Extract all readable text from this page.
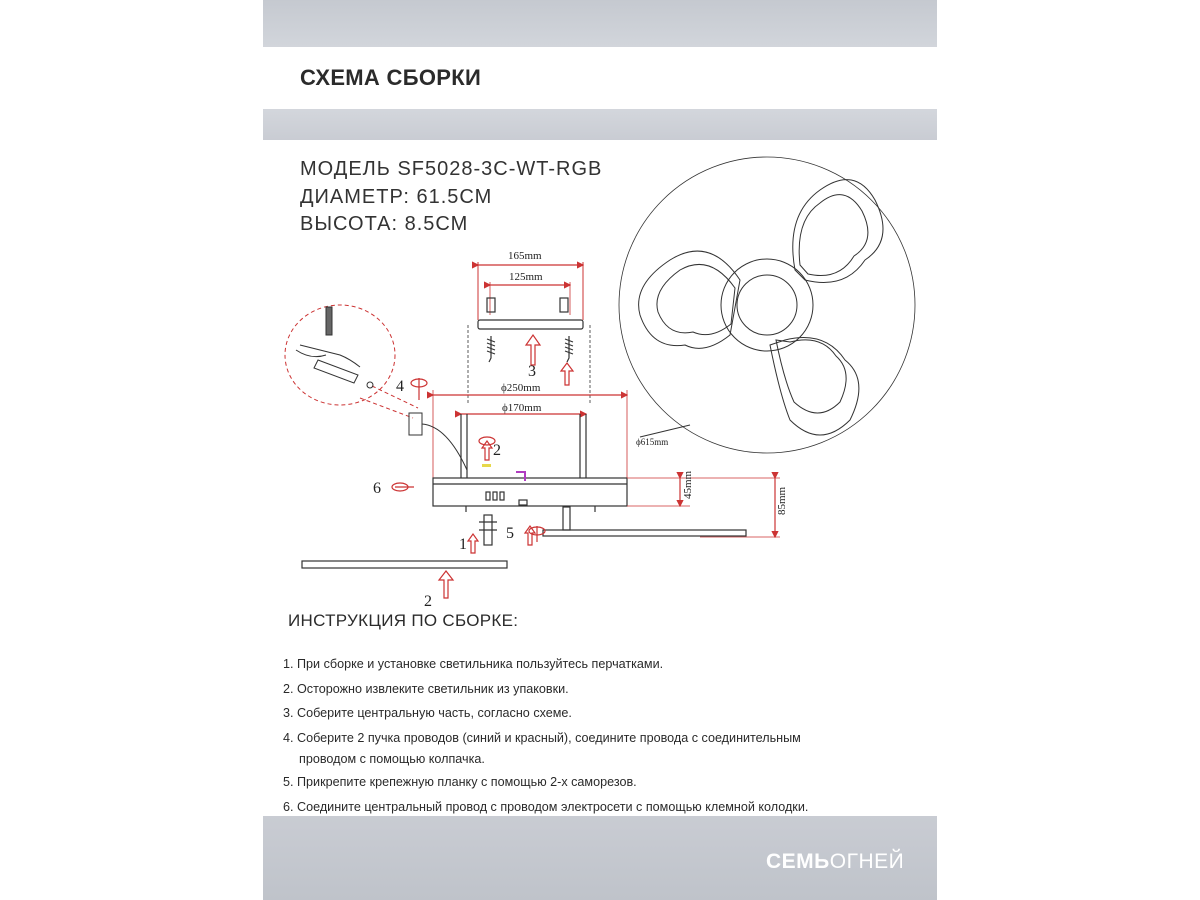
СХЕМА СБОРКИ
МОДЕЛЬ SF5028-3C-WT-RGB
ДИАМЕТР: 61.5СМ
ВЫСОТА: 8.5СМ
165mm
125mm
3
ϕ250mm
ϕ170mm
45mm
85mm
4
2
6
1
5
2
ϕ615mm
ИНСТРУКЦИЯ ПО СБОРКЕ:
1. При сборке и установке светильника пользуйтесь перчатками.
2. Осторожно извлеките светильник из упаковки.
3. Соберите центральную часть, согласно схеме.
4. Соберите 2 пучка проводов (синий и красный), соедините провода с соединительным
проводом с помощью колпачка.
5. Прикрепите крепежную планку с помощью 2-х саморезов.
6. Соедините центральный провод с проводом электросети с помощью клемной колодки.
СЕМЬОГНЕЙ
